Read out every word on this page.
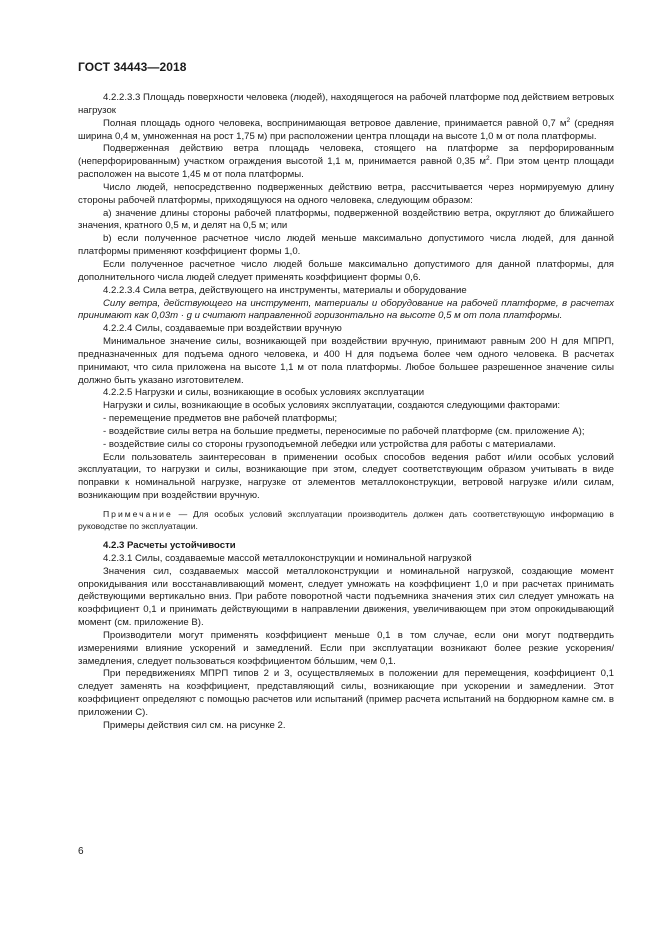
ГОСТ 34443—2018

4.2.2.3.3 Площадь поверхности человека (людей), находящегося на рабочей платформе под действием ветровых нагрузок

Полная площадь одного человека, воспринимающая ветровое давление, принимается равной 0,7 $м^2$ (средняя ширина 0,4 м, умноженная на рост 1,75 м) при расположении центра площади на высоте 1,0 м от пола платформы.

Подверженная действию ветра площадь человека, стоящего на платформе за перфорированным (неперфорированным) участком ограждения высотой 1,1 м, принимается равной 0,35 $м^2$. При этом центр площади расположен на высоте 1,45 м от пола платформы.

Число людей, непосредственно подверженных действию ветра, рассчитывается через нормируемую длину стороны рабочей платформы, приходящуюся на одного человека, следующим образом:

а) значение длины стороны рабочей платформы, подверженной воздействию ветра, округляют до ближайшего значения, кратного 0,5 м, и делят на 0,5 м; или

b) если полученное расчетное число людей меньше максимально допустимого числа людей, для данной платформы применяют коэффициент формы 1,0.

Если полученное расчетное число людей больше максимально допустимого для данной платформы, для дополнительного числа людей следует применять коэффициент формы 0,6.

4.2.2.3.4 Сила ветра, действующего на инструменты, материалы и оборудование

Силу ветра, действующего на инструмент, материалы и оборудование на рабочей платформе, в расчетах принимают как 0,03m · g и считают направленной горизонтально на высоте 0,5 м от пола платформы.

4.2.2.4 Силы, создаваемые при воздействии вручную

Минимальное значение силы, возникающей при воздействии вручную, принимают равным 200 Н для МПРП, предназначенных для подъема одного человека, и 400 Н для подъема более чем одного человека. В расчетах принимают, что сила приложена на высоте 1,1 м от пола платформы. Любое большее разрешенное значение силы должно быть указано изготовителем.

4.2.2.5 Нагрузки и силы, возникающие в особых условиях эксплуатации

Нагрузки и силы, возникающие в особых условиях эксплуатации, создаются следующими факторами:

- перемещение предметов вне рабочей платформы;

- воздействие силы ветра на большие предметы, переносимые по рабочей платформе (см. приложение А);

- воздействие силы со стороны грузоподъемной лебедки или устройства для работы с материалами.

Если пользователь заинтересован в применении особых способов ведения работ и/или особых условий эксплуатации, то нагрузки и силы, возникающие при этом, следует соответствующим образом учитывать в виде поправки к номинальной нагрузке, нагрузке от элементов металлоконструкции, ветровой нагрузке и/или силам, возникающим при воздействии вручную.

Примечание — Для особых условий эксплуатации производитель должен дать соответствующую информацию в руководстве по эксплуатации.

4.2.3 Расчеты устойчивости

4.2.3.1 Силы, создаваемые массой металлоконструкции и номинальной нагрузкой

Значения сил, создаваемых массой металлоконструкции и номинальной нагрузкой, создающие момент опрокидывания или восстанавливающий момент, следует умножать на коэффициент 1,0 и при расчетах принимать действующими вертикально вниз. При работе поворотной части подъемника значения этих сил следует умножать на коэффициент 0,1 и принимать действующими в направлении движения, увеличивающем при этом опрокидывающий момент (см. приложение В).

Производители могут применять коэффициент меньше 0,1 в том случае, если они могут подтвердить измерениями влияние ускорений и замедлений. Если при эксплуатации возникают более резкие ускорения/замедления, следует пользоваться коэффициентом бо́льшим, чем 0,1.

При передвижениях МПРП типов 2 и 3, осуществляемых в положении для перемещения, коэффициент 0,1 следует заменять на коэффициент, представляющий силы, возникающие при ускорении и замедлении. Этот коэффициент определяют с помощью расчетов или испытаний (пример расчета испытаний на бордюрном камне см. в приложении С).

Примеры действия сил см. на рисунке 2.

6
